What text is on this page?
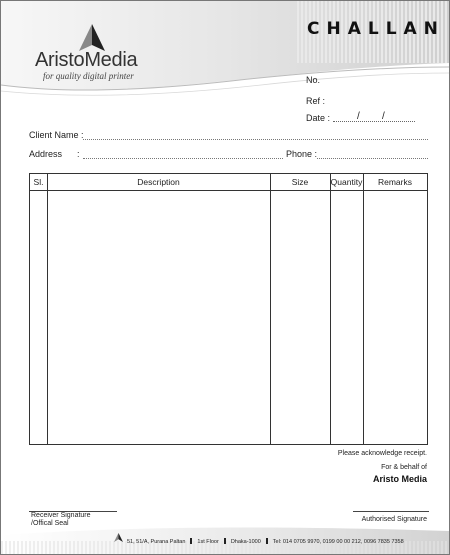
AristoMedia
for quality digital printer
CHALLAN
No.
Ref :
Date :	/ /
Client Name :
Address :	Phone :
Sl.	Description	Size	Quantity	Remarks
Please acknowledge receipt.
For & behalf of
Aristo Media
Receiver Signature
/Offical Seal
Authorised Signature
51, 51/A, Purana Paltan 1st Floor Dhaka-1000 Tel: 014 0705 9970, 0199 00 00 212, 0096 7835 7358
